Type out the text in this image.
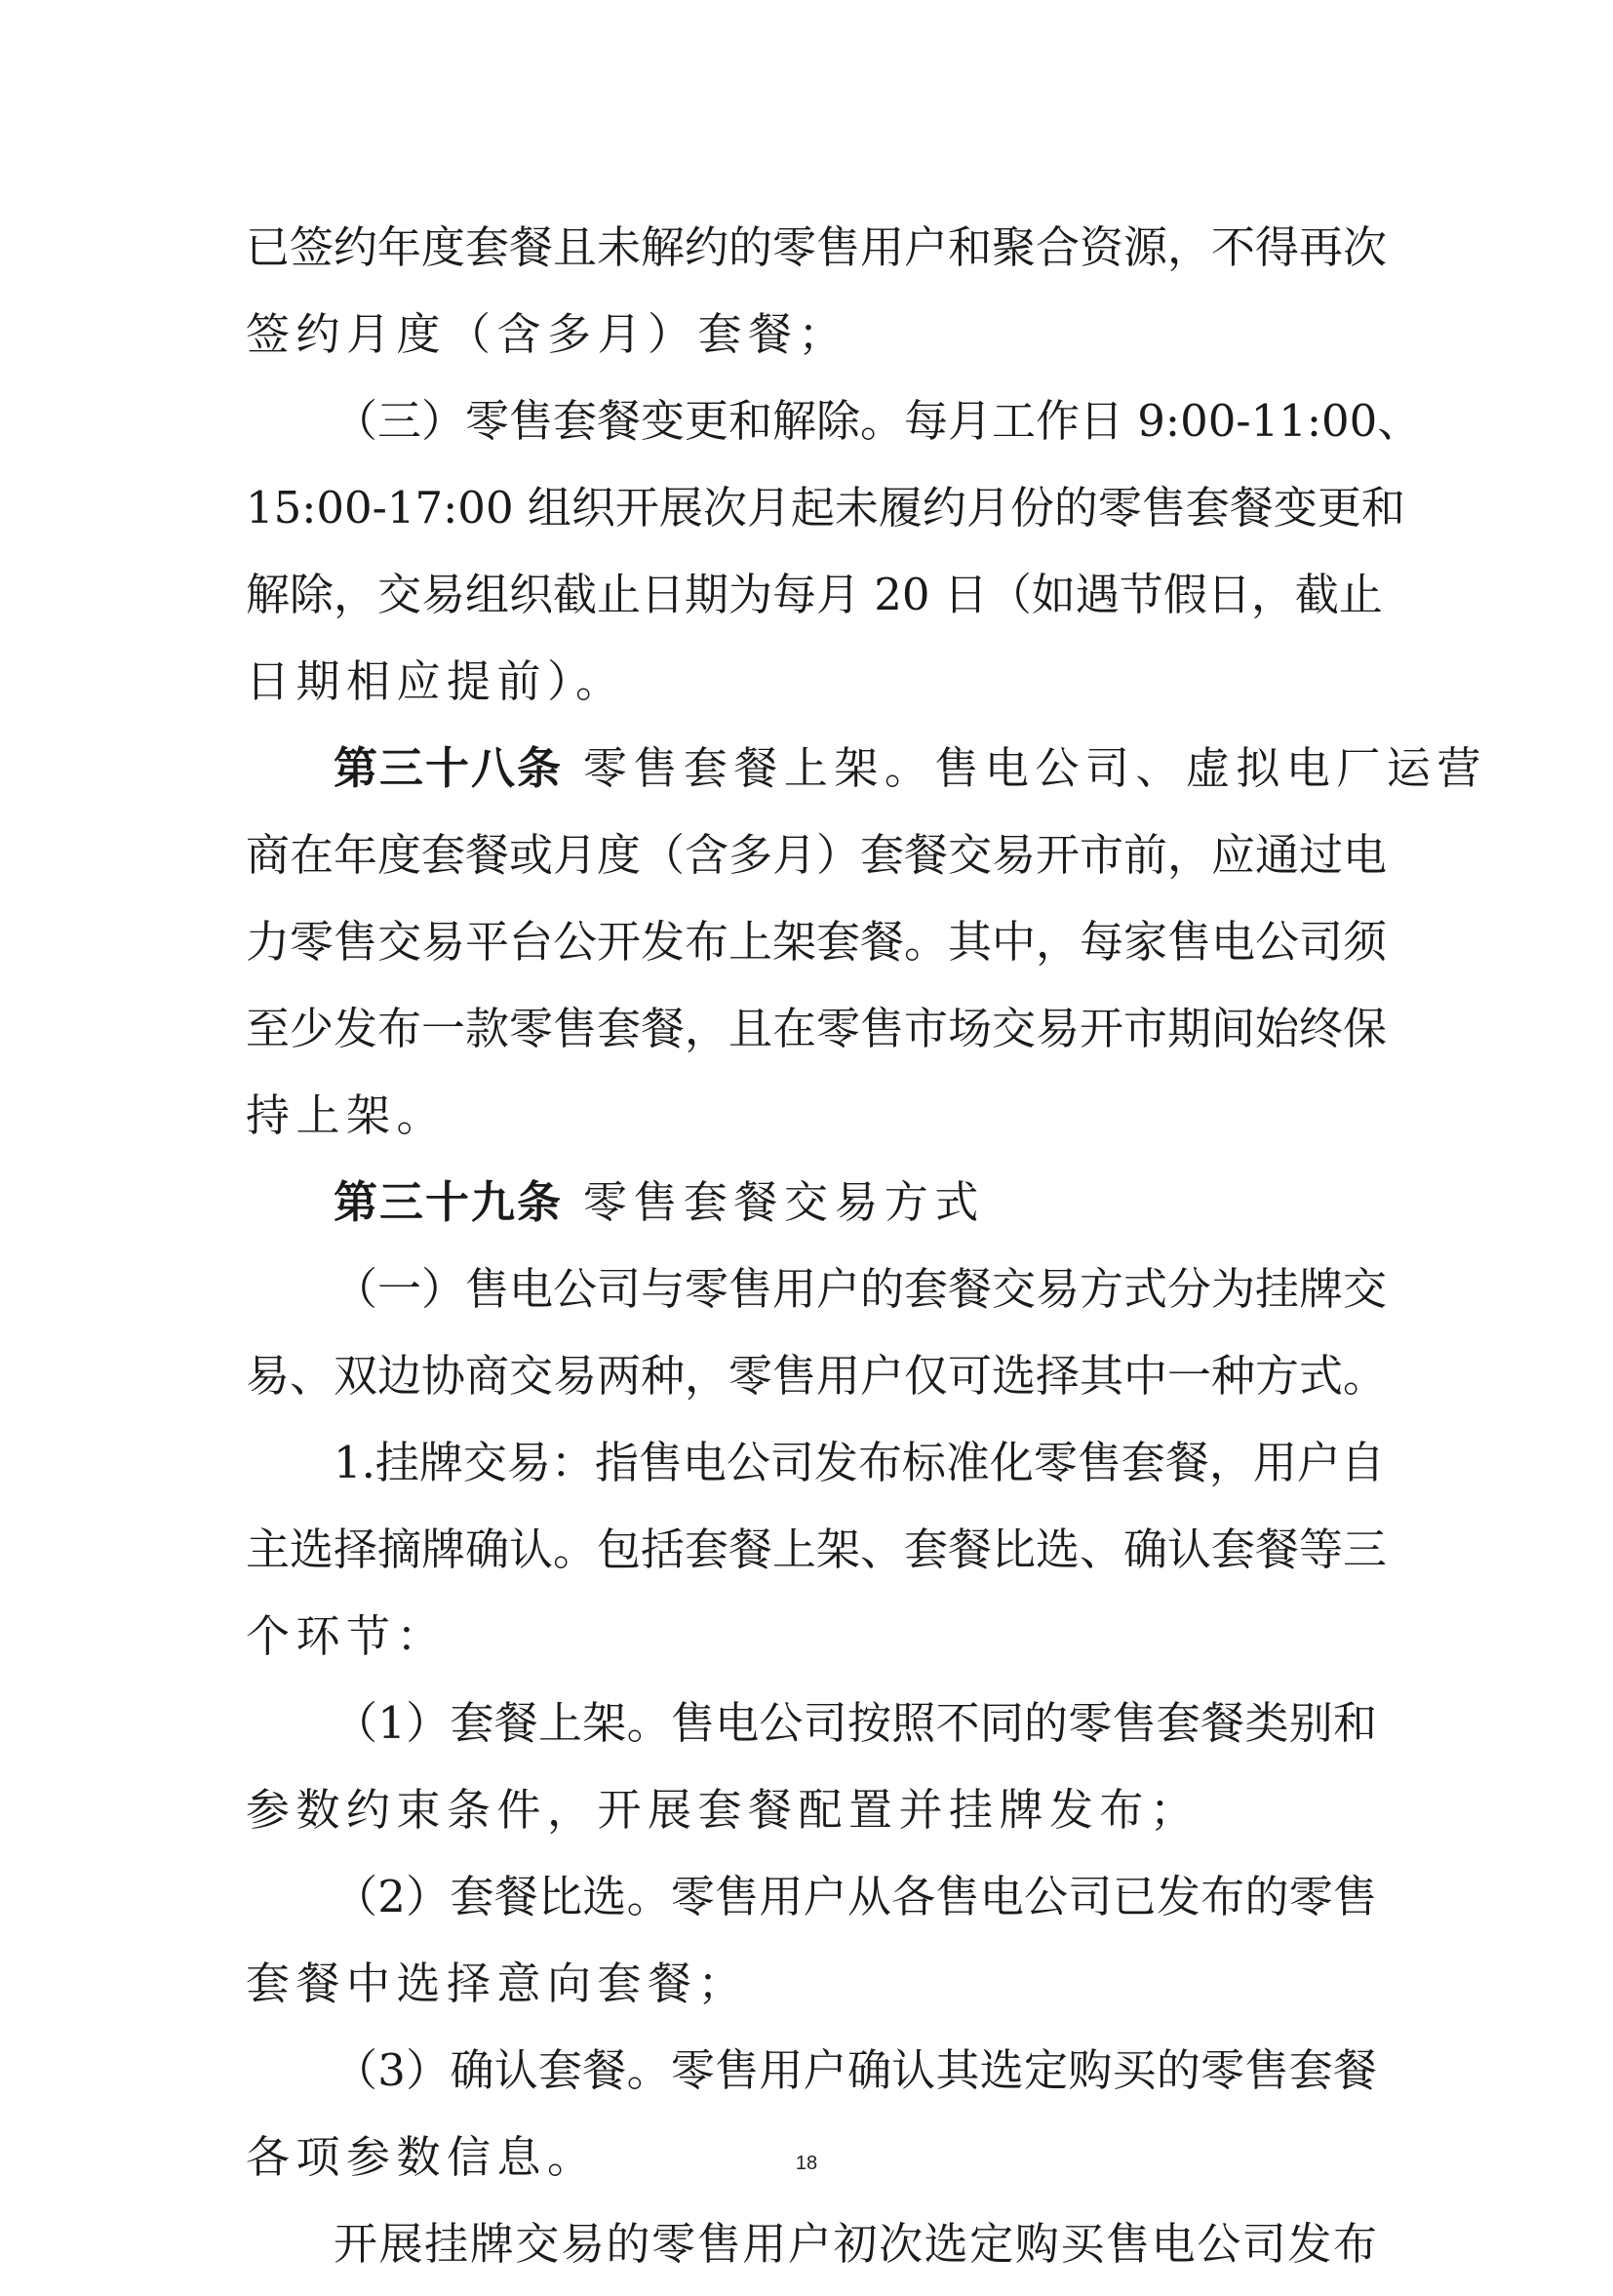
已签约年度套餐且未解约的零售用户和聚合资源，不得再次
签约月度（含多月）套餐；
（三）零售套餐变更和解除。每月工作日 9:00-11:00、
15:00-17:00 组织开展次月起未履约月份的零售套餐变更和
解除，交易组织截止日期为每月 20 日（如遇节假日，截止
日期相应提前）。
第三十八条 零售套餐上架。售电公司、虚拟电厂运营
商在年度套餐或月度（含多月）套餐交易开市前，应通过电
力零售交易平台公开发布上架套餐。其中，每家售电公司须
至少发布一款零售套餐，且在零售市场交易开市期间始终保
持上架。
第三十九条 零售套餐交易方式
（一）售电公司与零售用户的套餐交易方式分为挂牌交
易、双边协商交易两种，零售用户仅可选择其中一种方式。
1.挂牌交易：指售电公司发布标准化零售套餐，用户自
主选择摘牌确认。包括套餐上架、套餐比选、确认套餐等三
个环节：
（1）套餐上架。售电公司按照不同的零售套餐类别和
参数约束条件，开展套餐配置并挂牌发布；
（2）套餐比选。零售用户从各售电公司已发布的零售
套餐中选择意向套餐；
（3）确认套餐。零售用户确认其选定购买的零售套餐
各项参数信息。
开展挂牌交易的零售用户初次选定购买售电公司发布
18
